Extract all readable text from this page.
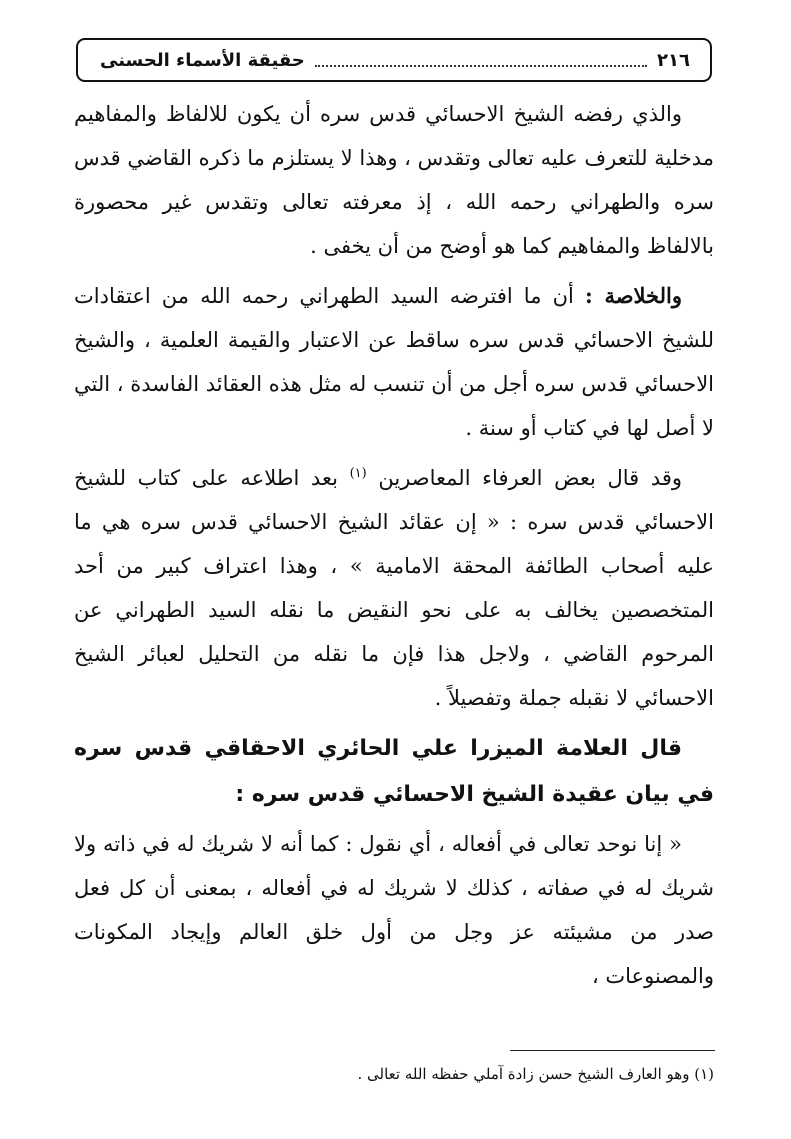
٢١٦
حقيقة الأسماء الحسنى

والذي رفضه الشيخ الاحسائي قدس سره أن يكون للالفاظ والمفاهيم مدخلية للتعرف عليه تعالى وتقدس ، وهذا لا يستلزم ما ذكره القاضي قدس سره والطهراني رحمه الله ، إذ معرفته تعالى وتقدس غير محصورة بالالفاظ والمفاهيم كما هو أوضح من أن يخفى .

والخلاصة : أن ما افترضه السيد الطهراني رحمه الله من اعتقادات للشيخ الاحسائي قدس سره ساقط عن الاعتبار والقيمة العلمية ، والشيخ الاحسائي قدس سره أجل من أن تنسب له مثل هذه العقائد الفاسدة ، التي لا أصل لها في كتاب أو سنة .

وقد قال بعض العرفاء المعاصرين $^{(١)}$ بعد اطلاعه على كتاب للشيخ الاحسائي قدس سره : « إن عقائد الشيخ الاحسائي قدس سره هي ما عليه أصحاب الطائفة المحقة الامامية » ، وهذا اعتراف كبير من أحد المتخصصين يخالف به على نحو النقيض ما نقله السيد الطهراني عن المرحوم القاضي ، ولاجل هذا فإن ما نقله من التحليل لعبائر الشيخ الاحسائي لا نقبله جملة وتفصيلاً .

قال العلامة الميزرا علي الحائري الاحقاقي قدس سره في بيان عقيدة الشيخ الاحسائي قدس سره :

« إنا نوحد تعالى في أفعاله ، أي نقول : كما أنه لا شريك له في ذاته ولا شريك له في صفاته ، كذلك لا شريك له في أفعاله ، بمعنى أن كل فعل صدر من مشيئته عز وجل من أول خلق العالم وإيجاد المكونات والمصنوعات ،

(١) وهو العارف الشيخ حسن زادة آملي حفظه الله تعالى .
